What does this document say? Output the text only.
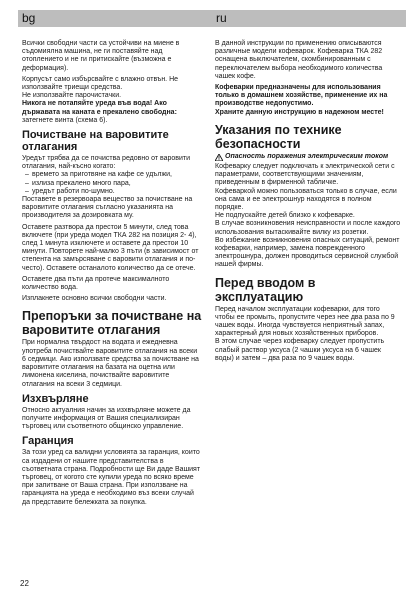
bg	ru

Всички свободни части са устойчиви на миене в съдомиялна машина, не ги поставяйте над отоплението и не ги притискайте (възможна е деформация).

Корпусът само избърсвайте с влажно отвън. Не използвайте триещи средства.

Не използвайте парочистачки.

Никога не потапяйте уреда във вода! Ако държавата на каната е прекалено свободна:

затегнете винта (схема 6).

Почистване на варовитите отлагания

Уредът трябва да се почиства редовно от варовити отлагания, най-късно когато:

– времето за приготвяне на кафе се удължи,
– излиза прекалено много пара,
– уредът работи по-шумно.

Поставете в резервоара вещество за почистване на варовитите отлагания съгласно указанията на производителя за дозировката му.

Оставете разтвора да престои 5 минути, след това включете (при уреда модел ТКА 282 на позиция 2- 4), след 1 минута изключете и оставете да престои 10 минути. Повторете най-малко 3 пъти (в зависимост от степента на замърсяване с варовити отлагания и по- често). Оставете останалото количество да се отече.

Оставете два пъти да протече максималното количество вода.

Изплакнете основно всички свободни части.

Препоръки за почистване на варовитите отлагания

При нормална твърдост на водата и ежедневна употреба почиствайте варовитите отлагания на всеки 6 седмици. Ако използвате средства за почистване на варовитите отлагания на базата на оцетна или лимонена киселина, почиствайте варовитите отлагания на всеки 3 седмици.

Изхвърляне

Относно актуалния начин за изхвърляне можете да получите информация от Вашия специализиран търговец или съответното общинско управление.

Гаранция

За този уред са валидни условията за гаранция, които са издадени от нашите представителства в съответната страна. Подробности ще Ви даде Вашият търговец, от когото сте купили уреда по всяко време при запитване от Ваша страна. При използване на гаранцията на уреда е необходимо въз всеки случай да представите бележката за покупка.

В данной инструкции по применению описываются различные модели кофеварок. Кофеварка ТКА 282 оснащена выключателем, скомбинированным с переключателем выбора необходимого количества чашек кофе.

Кофеварки предназначены для использования только в домашнем хозяйстве, применение их на производстве недопустимо.

Храните данную инструкцию в надежном месте!

Указания по технике безопасности
Опасность поражения электрическим током

Кофеварку следует подключать к электрической сети с параметрами, соответствующими значениям, приведенным в фирменной табличке.

Кофеваркой можно пользоваться только в случае, если она сама и ее электрошнур находятся в полном порядке.

Не подпускайте детей близко к кофеварке.

В случае возникновения неисправности и после каждого использования вытаскивайте вилку из розетки.

Во избежание возникновения опасных ситуаций, ремонт кофеварки, например, замена поврежденного электрошнура, должен проводиться сервисной службой нашей фирмы.

Перед вводом в эксплуатацию

Перед началом эксплуатации кофеварки, для того чтобы ее промыть, пропустите через нее два раза по 9 чашек воды. Иногда чувствуется неприятный запах, характерный для новых хозяйственных приборов.

В этом случае через кофеварку следует пропустить слабый раствор уксуса (2 чашки уксуса на 6 чашек воды) и затем – два раза по 9 чашек воды.

22
